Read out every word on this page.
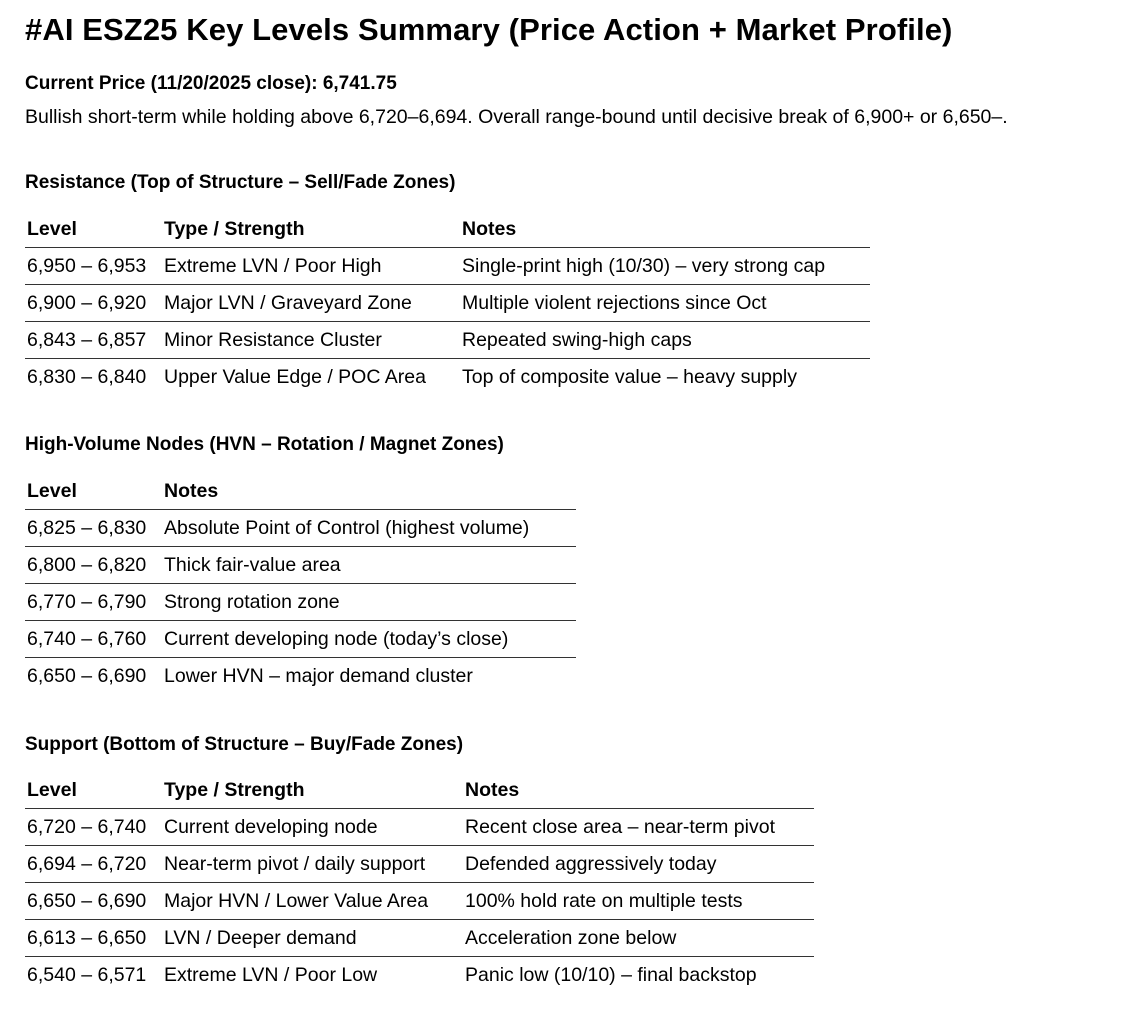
#AI ESZ25 Key Levels Summary (Price Action + Market Profile)
Current Price (11/20/2025 close): 6,741.75
Bullish short-term while holding above 6,720–6,694. Overall range-bound until decisive break of 6,900+ or 6,650–.
Resistance (Top of Structure – Sell/Fade Zones)
Level	Type / Strength	Notes
6,950 – 6,953	Extreme LVN / Poor High	Single-print high (10/30) – very strong cap
6,900 – 6,920	Major LVN / Graveyard Zone	Multiple violent rejections since Oct
6,843 – 6,857	Minor Resistance Cluster	Repeated swing-high caps
6,830 – 6,840	Upper Value Edge / POC Area	Top of composite value – heavy supply
High-Volume Nodes (HVN – Rotation / Magnet Zones)
Level	Notes
6,825 – 6,830	Absolute Point of Control (highest volume)
6,800 – 6,820	Thick fair-value area
6,770 – 6,790	Strong rotation zone
6,740 – 6,760	Current developing node (today’s close)
6,650 – 6,690	Lower HVN – major demand cluster
Support (Bottom of Structure – Buy/Fade Zones)
Level	Type / Strength	Notes
6,720 – 6,740	Current developing node	Recent close area – near-term pivot
6,694 – 6,720	Near-term pivot / daily support	Defended aggressively today
6,650 – 6,690	Major HVN / Lower Value Area	100% hold rate on multiple tests
6,613 – 6,650	LVN / Deeper demand	Acceleration zone below
6,540 – 6,571	Extreme LVN / Poor Low	Panic low (10/10) – final backstop
